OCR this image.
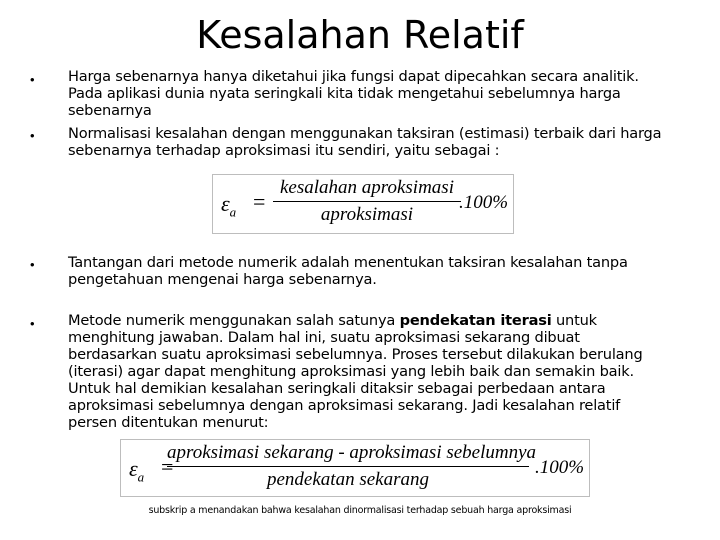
Kesalahan Relatif
• Harga sebenarnya hanya diketahui jika fungsi dapat dipecahkan secara analitik. Pada aplikasi dunia nyata seringkali kita tidak mengetahui sebelumnya harga sebenarnya
• Normalisasi kesalahan dengan menggunakan taksiran (estimasi) terbaik dari harga sebenarnya terhadap aproksimasi itu sendiri, yaitu sebagai :
$\varepsilon_a$ =
kesalahan aproksimasi
aproksimasi
.100%
• Tantangan dari metode numerik adalah menentukan taksiran kesalahan tanpa pengetahuan mengenai harga sebenarnya.
• Metode numerik menggunakan salah satunya pendekatan iterasi untuk menghitung jawaban. Dalam hal ini, suatu aproksimasi sekarang dibuat berdasarkan suatu aproksimasi sebelumnya. Proses tersebut dilakukan berulang (iterasi) agar dapat menghitung aproksimasi yang lebih baik dan semakin baik. Untuk hal demikian kesalahan seringkali ditaksir sebagai perbedaan antara aproksimasi sebelumnya dengan aproksimasi sekarang. Jadi kesalahan relatif persen ditentukan menurut:
$\varepsilon_a$ =
aproksimasi sekarang - aproksimasi sebelumnya
pendekatan sekarang
.100%
subskrip a menandakan bahwa kesalahan dinormalisasi terhadap sebuah harga aproksimasi
